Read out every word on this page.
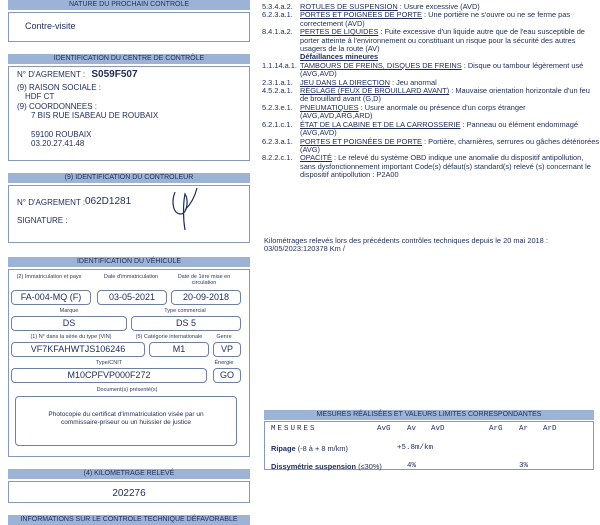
NATURE DU PROCHAIN CONTROLE
Contre-visite
IDENTIFICATION DU CENTRE DE CONTRÔLE
N° D'AGREMENT : S059F507
(9) RAISON SOCIALE :
HDF CT
(9) COORDONNEES :
7 BIS RUE ISABEAU DE ROUBAIX
59100 ROUBAIX
03.20.27.41.48
(9) IDENTIFICATION DU CONTROLEUR
N° D'AGREMENT : 062D1281
SIGNATURE :
IDENTIFICATION DU VÉHICULE
(2) Immatriculation et pays	Date d'immatriculation	Date de 1ère mise en circulation
FA-004-MQ (F)	03-05-2021	20-09-2018
Marque	Type commercial
DS	DS 5
(1) N° dans la série du type (VIN)	(5) Catégorie internationale	Genre
VF7KFAHWTJS106246	M1	VP
Type/CNIT	Énergie
M10CPFVP000F272	GO
Document(s) présenté(s)
Photocopie du certificat d'immatriculation visée par un commissaire-priseur ou un huissier de justice
(4) KILOMETRAGE RELEVÉ
202276
INFORMATIONS SUR LE CONTROLE TECHNIQUE DÉFAVORABLE
5.3.4.a.2. ROTULES DE SUSPENSION : Usure excessive (AVD)
6.2.3.a.1. PORTES ET POIGNÉES DE PORTE : Une portière ne s'ouvre ou ne se ferme pas correctement (AVD)
8.4.1.a.2. PERTES DE LIQUIDES : Fuite excessive d'un liquide autre que de l'eau susceptible de porter atteinte à l'environnement ou constituant un risque pour la sécurité des autres usagers de la route (AV)
Défaillances mineures
1.1.14.a.1. TAMBOURS DE FREINS, DISQUES DE FREINS : Disque ou tambour légèrement usé (AVG,AVD)
2.3.1.a.1. JEU DANS LA DIRECTION : Jeu anormal
4.5.2.a.1. RÉGLAGE (FEUX DE BROUILLARD AVANT) : Mauvaise orientation horizontale d'un feu de brouillard avant (G,D)
5.2.3.e.1. PNEUMATIQUES : Usure anormale ou présence d'un corps étranger (AVG,AVD,ARG,ARD)
6.2.1.c.1.	ÉTAT DE LA CABINE ET DE LA CARROSSERIE : Panneau ou élément endommagé (AVG,AVD)
6.2.3.a.1. PORTES ET POIGNÉES DE PORTE : Portière, charnières, serrures ou gâches détériorées (AVG)
8.2.2.c.1.	OPACITÉ : Le relevé du système OBD indique une anomalie du dispositif antipollution, sans dysfonctionnement important Code(s) défaut(s) standard(s) relevé (s) concernant le dispositif antipollution : P2A00
Kilométrages relevés lors des précédents contrôles techniques depuis le 20 mai 2018 : 03/05/2023:120378 Km /
MESURES RÉALISÉES ET VALEURS LIMITES CORRESPONDANTES
MESURES	AvG Av AvD	ArG Ar ArD
Ripage (-8 à + 8 m/km)	+5.8m/km
Dissymétrie suspension (≤30%)	4%	3%
